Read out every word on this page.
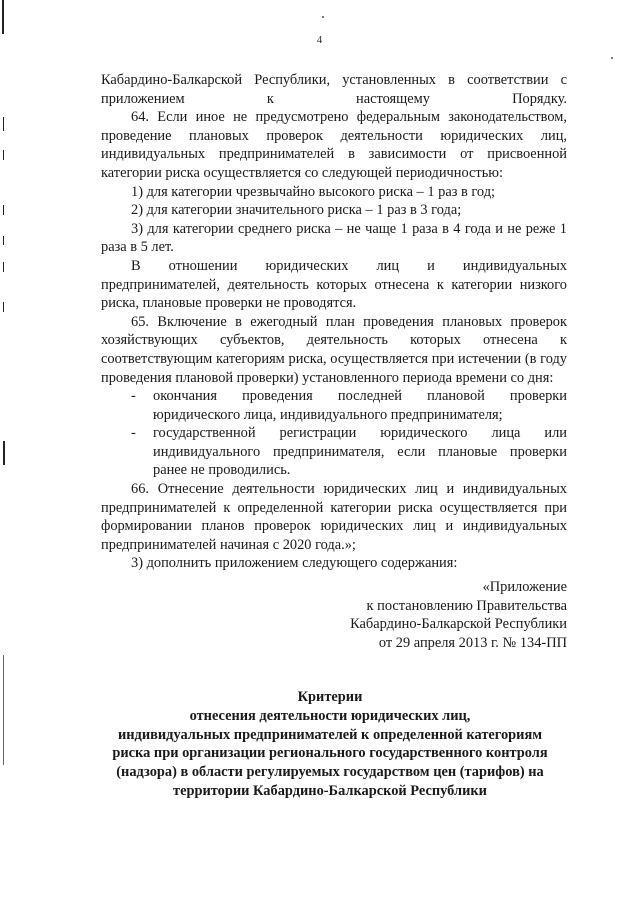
4

Кабардино-Балкарской Республики, установленных в соответствии с приложением к настоящему Порядку.

64. Если иное не предусмотрено федеральным законодательством, проведение плановых проверок деятельности юридических лиц, индивидуальных предпринимателей в зависимости от присвоенной категории риска осуществляется со следующей периодичностью:

1) для категории чрезвычайно высокого риска – 1 раз в год;

2) для категории значительного риска – 1 раз в 3 года;

3) для категории среднего риска – не чаще 1 раза в 4 года и не реже 1 раза в 5 лет.

В отношении юридических лиц и индивидуальных предпринимателей, деятельность которых отнесена к категории низкого риска, плановые проверки не проводятся.

65. Включение в ежегодный план проведения плановых проверок хозяйствующих субъектов, деятельность которых отнесена к соответствующим категориям риска, осуществляется при истечении (в году проведения плановой проверки) установленного периода времени со дня:

-	окончания проведения последней плановой проверки юридического лица, индивидуального предпринимателя;
-	государственной регистрации юридического лица или индивидуального предпринимателя, если плановые проверки ранее не проводились.

66. Отнесение деятельности юридических лиц и индивидуальных предпринимателей к определенной категории риска осуществляется при формировании планов проверок юридических лиц и индивидуальных предпринимателей начиная с 2020 года.»;

3) дополнить приложением следующего содержания:

«Приложение
к постановлению Правительства
Кабардино-Балкарской Республики
от 29 апреля 2013 г. № 134-ПП
Критерии
отнесения деятельности юридических лиц,
индивидуальных предпринимателей к определенной категориям
риска при организации регионального государственного контроля
(надзора) в области регулируемых государством цен (тарифов) на
территории Кабардино-Балкарской Республики
